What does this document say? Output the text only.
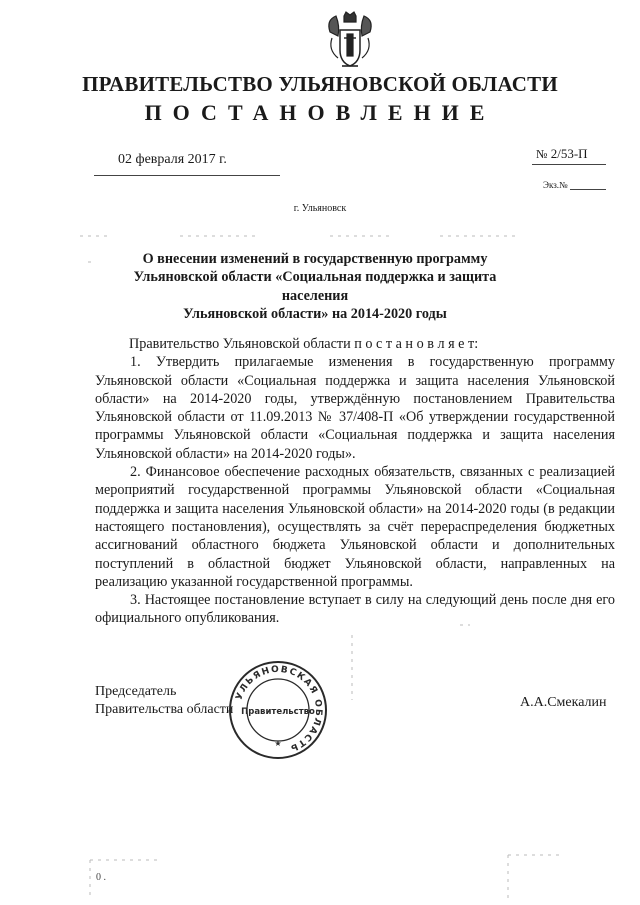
ПРАВИТЕЛЬСТВО УЛЬЯНОВСКОЙ ОБЛАСТИ
ПОСТАНОВЛЕНИЕ
02 февраля 2017 г.	№ 2/53-П
Экз.№
г. Ульяновск
О внесении изменений в государственную программу
Ульяновской области «Социальная поддержка и защита населения
Ульяновской области» на 2014-2020 годы

Правительство Ульяновской области п о с т а н о в л я е т:

1. Утвердить прилагаемые изменения в государственную программу Ульяновской области «Социальная поддержка и защита населения Ульяновской области» на 2014-2020 годы, утверждённую постановлением Правительства Ульяновской области от 11.09.2013 № 37/408-П «Об утверждении государственной программы Ульяновской области «Социальная поддержка и защита населения Ульяновской области» на 2014-2020 годы».

2. Финансовое обеспечение расходных обязательств, связанных с реализацией мероприятий государственной программы Ульяновской области «Социальная поддержка и защита населения Ульяновской области» на 2014-2020 годы (в редакции настоящего постановления), осуществлять за счёт перераспределения бюджетных ассигнований областного бюджета Ульяновской области и дополнительных поступлений в областной бюджет Ульяновской области, направленных на реализацию указанной государственной программы.

3. Настоящее постановление вступает в силу на следующий день после дня его официального опубликования.

Председатель
Правительства области	А.А.Смекалин
УЛЬЯНОВСКАЯ ОБЛАСТЬ
Правительство
★
0 .
